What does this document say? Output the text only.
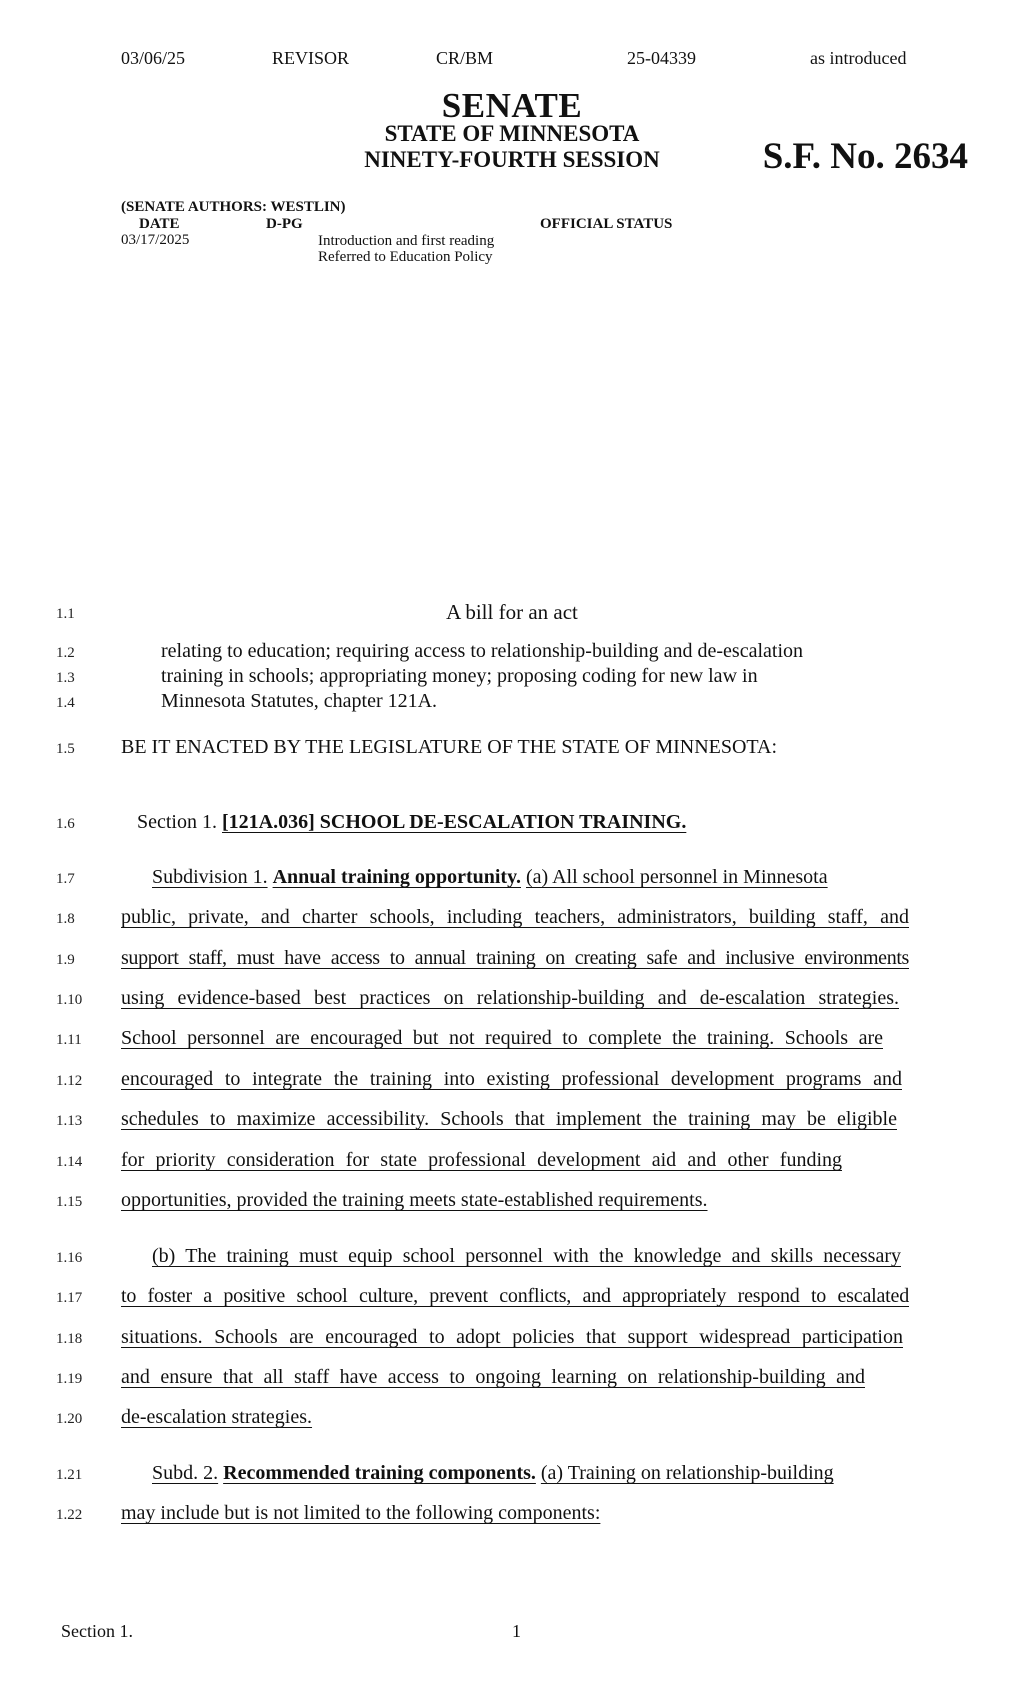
03/06/25	REVISOR	CR/BM	25-04339	as introduced
SENATE
STATE OF MINNESOTA
NINETY-FOURTH SESSION	S.F. No. 2634
(SENATE AUTHORS: WESTLIN)
DATE	D-PG	OFFICIAL STATUS
03/17/2025	Introduction and first reading
Referred to Education Policy
1.1	A bill for an act
1.2	relating to education; requiring access to relationship-building and de-escalation
1.3	training in schools; appropriating money; proposing coding for new law in
1.4	Minnesota Statutes, chapter 121A.
1.5 BE IT ENACTED BY THE LEGISLATURE OF THE STATE OF MINNESOTA:
1.6	Section 1. [121A.036] SCHOOL DE-ESCALATION TRAINING.
1.7	Subdivision 1. Annual training opportunity. (a) All school personnel in Minnesota
1.8 public, private, and charter schools, including teachers, administrators, building staff, and
1.9 support staff, must have access to annual training on creating safe and inclusive environments
1.10 using evidence-based best practices on relationship-building and de-escalation strategies.
1.11 School personnel are encouraged but not required to complete the training. Schools are
1.12 encouraged to integrate the training into existing professional development programs and
1.13 schedules to maximize accessibility. Schools that implement the training may be eligible
1.14 for priority consideration for state professional development aid and other funding
1.15 opportunities, provided the training meets state-established requirements.
1.16	(b) The training must equip school personnel with the knowledge and skills necessary
1.17 to foster a positive school culture, prevent conflicts, and appropriately respond to escalated
1.18 situations. Schools are encouraged to adopt policies that support widespread participation
1.19 and ensure that all staff have access to ongoing learning on relationship-building and
1.20 de-escalation strategies.
1.21	Subd. 2. Recommended training components. (a) Training on relationship-building
1.22 may include but is not limited to the following components:
Section 1.	1
